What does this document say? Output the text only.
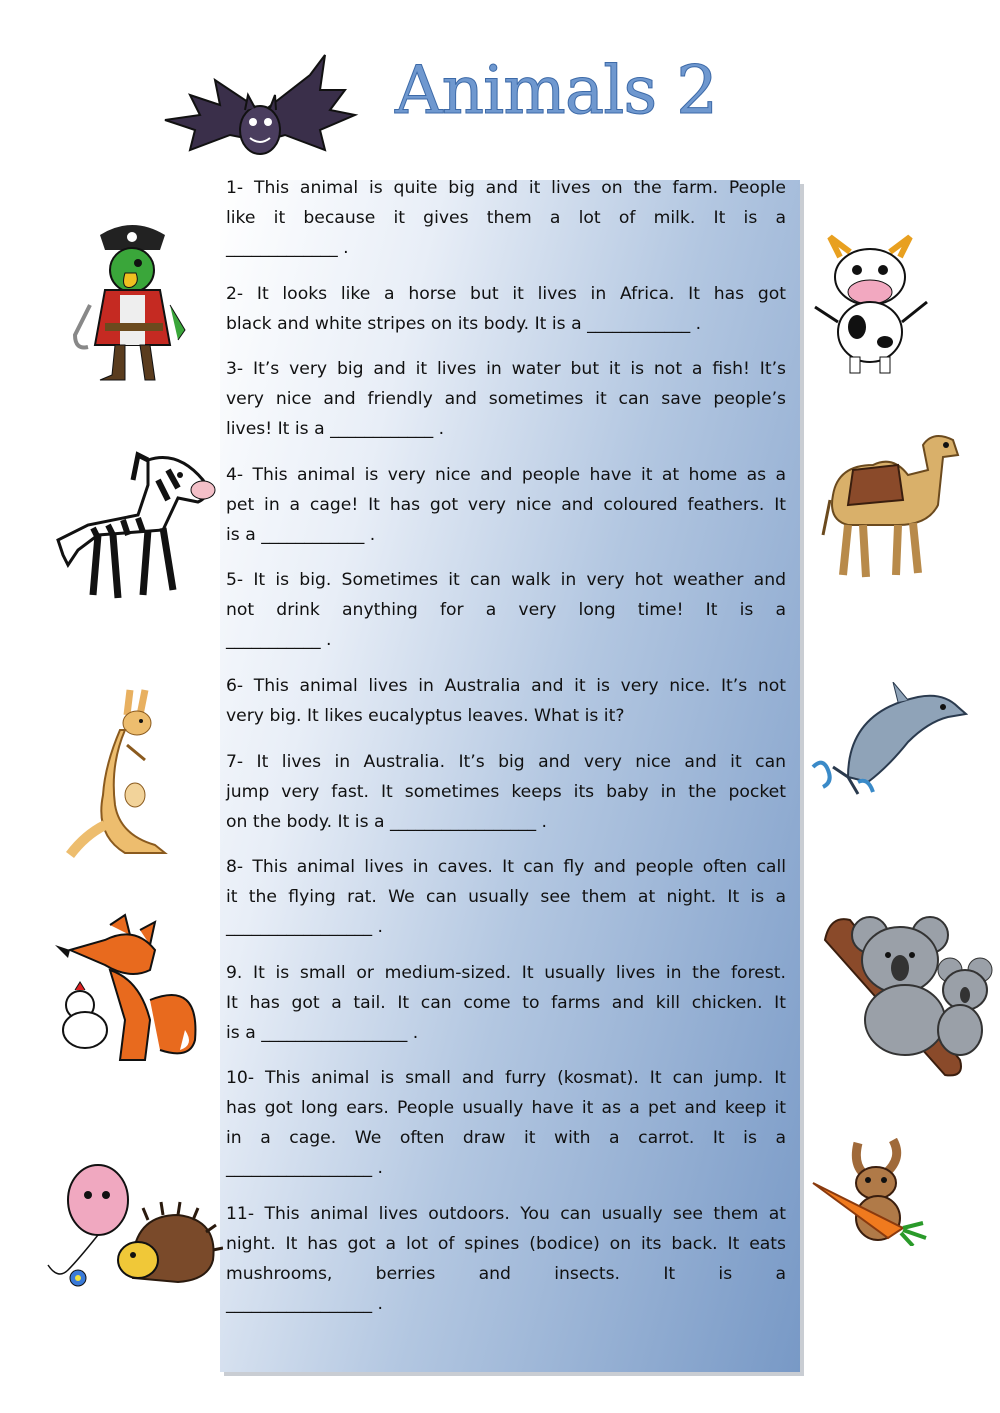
Animals 2
1- This animal is quite big and it lives on the farm. People
like it because it gives them a lot of milk. It is a
_____________ .
2- It looks like a horse but it lives in Africa. It has got
black and white stripes on its body. It is a ____________ .
3- It’s very big and it lives in water but it is not a fish! It’s
very nice and friendly and sometimes it can save people’s
lives! It is a ____________ .
4- This animal is very nice and people have it at home as a
pet in a cage! It has got very nice and coloured feathers. It
is a ____________ .
5- It is big. Sometimes it can walk in very hot weather and
not drink anything for a very long time! It is a
___________ .
6- This animal lives in Australia and it is very nice. It’s not
very big. It likes eucalyptus leaves. What is it?
7- It lives in Australia. It’s big and very nice and it can
jump very fast. It sometimes keeps its baby in the pocket
on the body. It is a _________________ .
8- This animal lives in caves. It can fly and people often call
it the flying rat. We can usually see them at night. It is a
_________________ .
9. It is small or medium-sized. It usually lives in the forest.
It has got a tail. It can come to farms and kill chicken. It
is a _________________ .
10- This animal is small and furry (kosmat). It can jump. It
has got long ears. People usually have it as a pet and keep it
in a cage. We often draw it with a carrot. It is a
_________________ .
11- This animal lives outdoors. You can usually see them at
night. It has got a lot of spines (bodice) on its back. It eats
mushrooms, berries and insects. It is a
_________________ .
